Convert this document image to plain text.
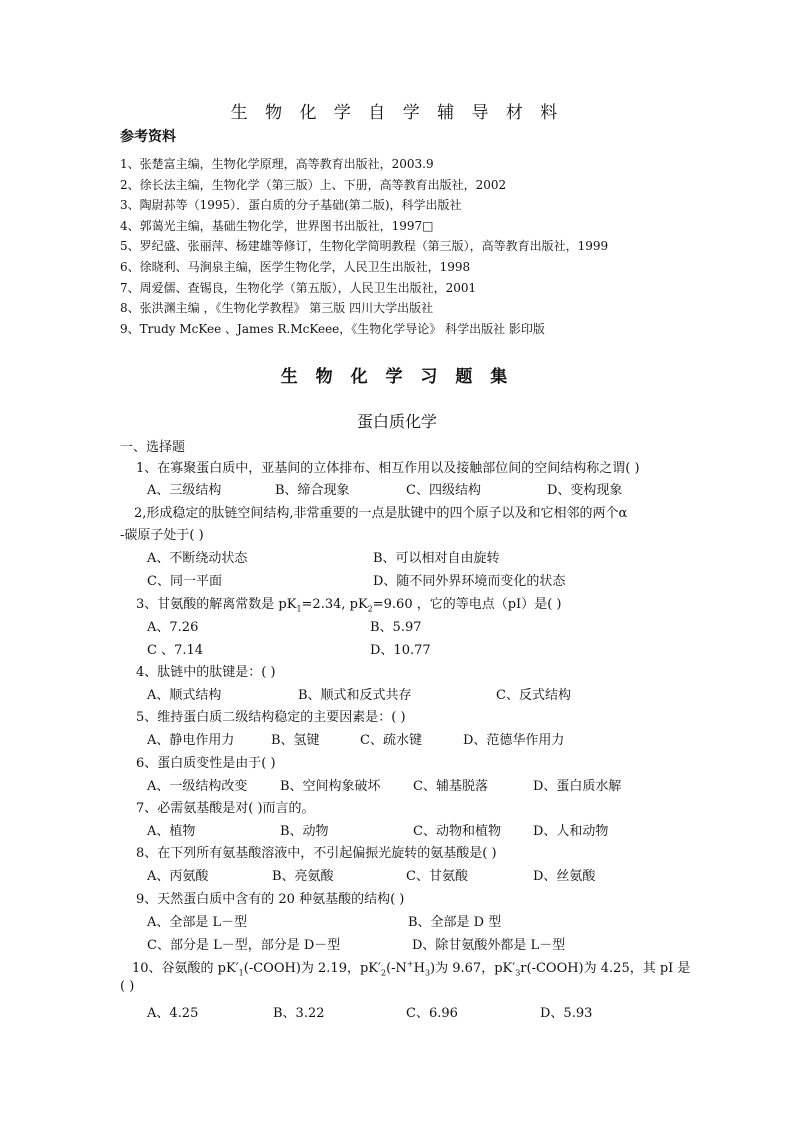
生 物 化 学 自 学 辅 导 材 料
参考资料
1、张楚富主编，生物化学原理，高等教育出版社，2003.9
2、徐长法主编，生物化学（第三版）上、下册，高等教育出版社，2002
3、陶尉荪等（1995）．蛋白质的分子基础(第二版)，科学出版社
4、郭蔼光主编，基础生物化学，世界图书出版社，1997□
5、罗纪盛、张丽萍、杨建雄等修订，生物化学简明教程（第三版），高等教育出版社，1999
6、徐晓利、马涧泉主编，医学生物化学，人民卫生出版社，1998
7、周爱儒、查锡良，生物化学（第五版），人民卫生出版社，2001
8、张洪渊主编 ，《生物化学教程》 第三版 四川大学出版社
9、Trudy McKee 、James R.McKeee，《生物化学导论》 科学出版社 影印版
生 物 化 学 习 题 集
蛋白质化学
一、选择题
1、在寡聚蛋白质中，亚基间的立体排布、相互作用以及接触部位间的空间结构称之谓( )
A、三级结构	B、缔合现象	C、四级结构	D、变构现象
2,形成稳定的肽链空间结构,非常重要的一点是肽键中的四个原子以及和它相邻的两个α
-碳原子处于( )
A、不断绕动状态	B、可以相对自由旋转
C、同一平面	D、随不同外界环境而变化的状态
3、甘氨酸的解离常数是 $pK_1=2.34$, $pK_2=9.60$ ，它的等电点（pI）是( )
A、7.26	B、5.97
C 、7.14	D、10.77
4、肽链中的肽键是：( )
A、顺式结构	B、顺式和反式共存	C、反式结构
5、维持蛋白质二级结构稳定的主要因素是：( )
A、静电作用力	B、氢键	C、疏水键	D、范德华作用力
6、蛋白质变性是由于( )
A、一级结构改变	B、空间构象破坏 C、辅基脱落	D、蛋白质水解
7、必需氨基酸是对( )而言的。
A、植物	B、动物	C、动物和植物 D、人和动物
8、在下列所有氨基酸溶液中，不引起偏振光旋转的氨基酸是( )
A、丙氨酸	B、亮氨酸	C、甘氨酸	D、丝氨酸
9、天然蛋白质中含有的 20 种氨基酸的结构( )
A、全部是 L－型	B、全部是 D 型
C、部分是 L－型，部分是 D－型	D、除甘氨酸外都是 L－型
10、谷氨酸的 $pK'_1(-COOH)$为 2.19，$pK'_2(-N^+H_3)$为 9.67，$pK'_3r(-COOH)$为 4.25，其 pI 是
( )
A、4.25	B、3.22	C、6.96	D、5.93
